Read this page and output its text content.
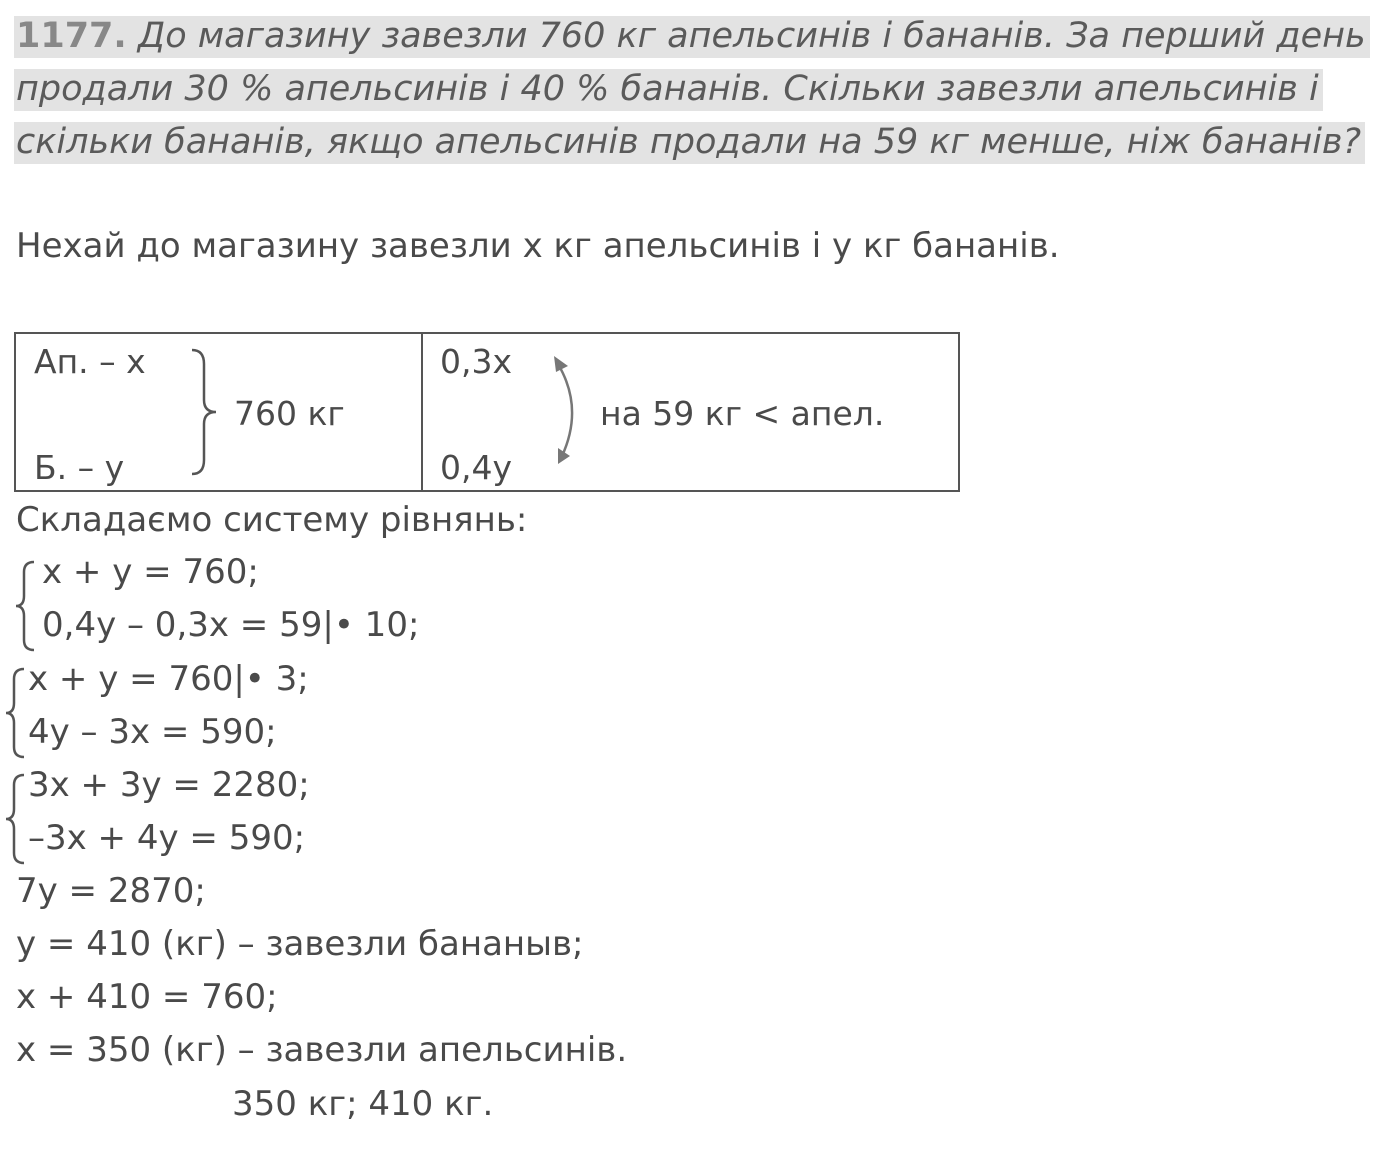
1177. До магазину завезли 760 кг апельсинів і бананів. За перший день продали 30 % апельсинів і 40 % бананів. Скільки завезли апельсинів і скільки бананів, якщо апельсинів продали на 59 кг менше, ніж бананів?
Нехай до магазину завезли х кг апельсинів і у кг бананів.
Ап. – х
Б. – у
760 кг
0,3х
0,4у
на 59 кг < апел.
Складаємо систему рівнянь:
х + у = 760;
0,4у – 0,3х = 59|• 10;
х + у = 760|• 3;
4у – 3х = 590;
3х + 3у = 2280;
–3х + 4у = 590;
7у = 2870;
у = 410 (кг) – завезли бананыв;
х + 410 = 760;
х = 350 (кг) – завезли апельсинів.
350 кг; 410 кг.
